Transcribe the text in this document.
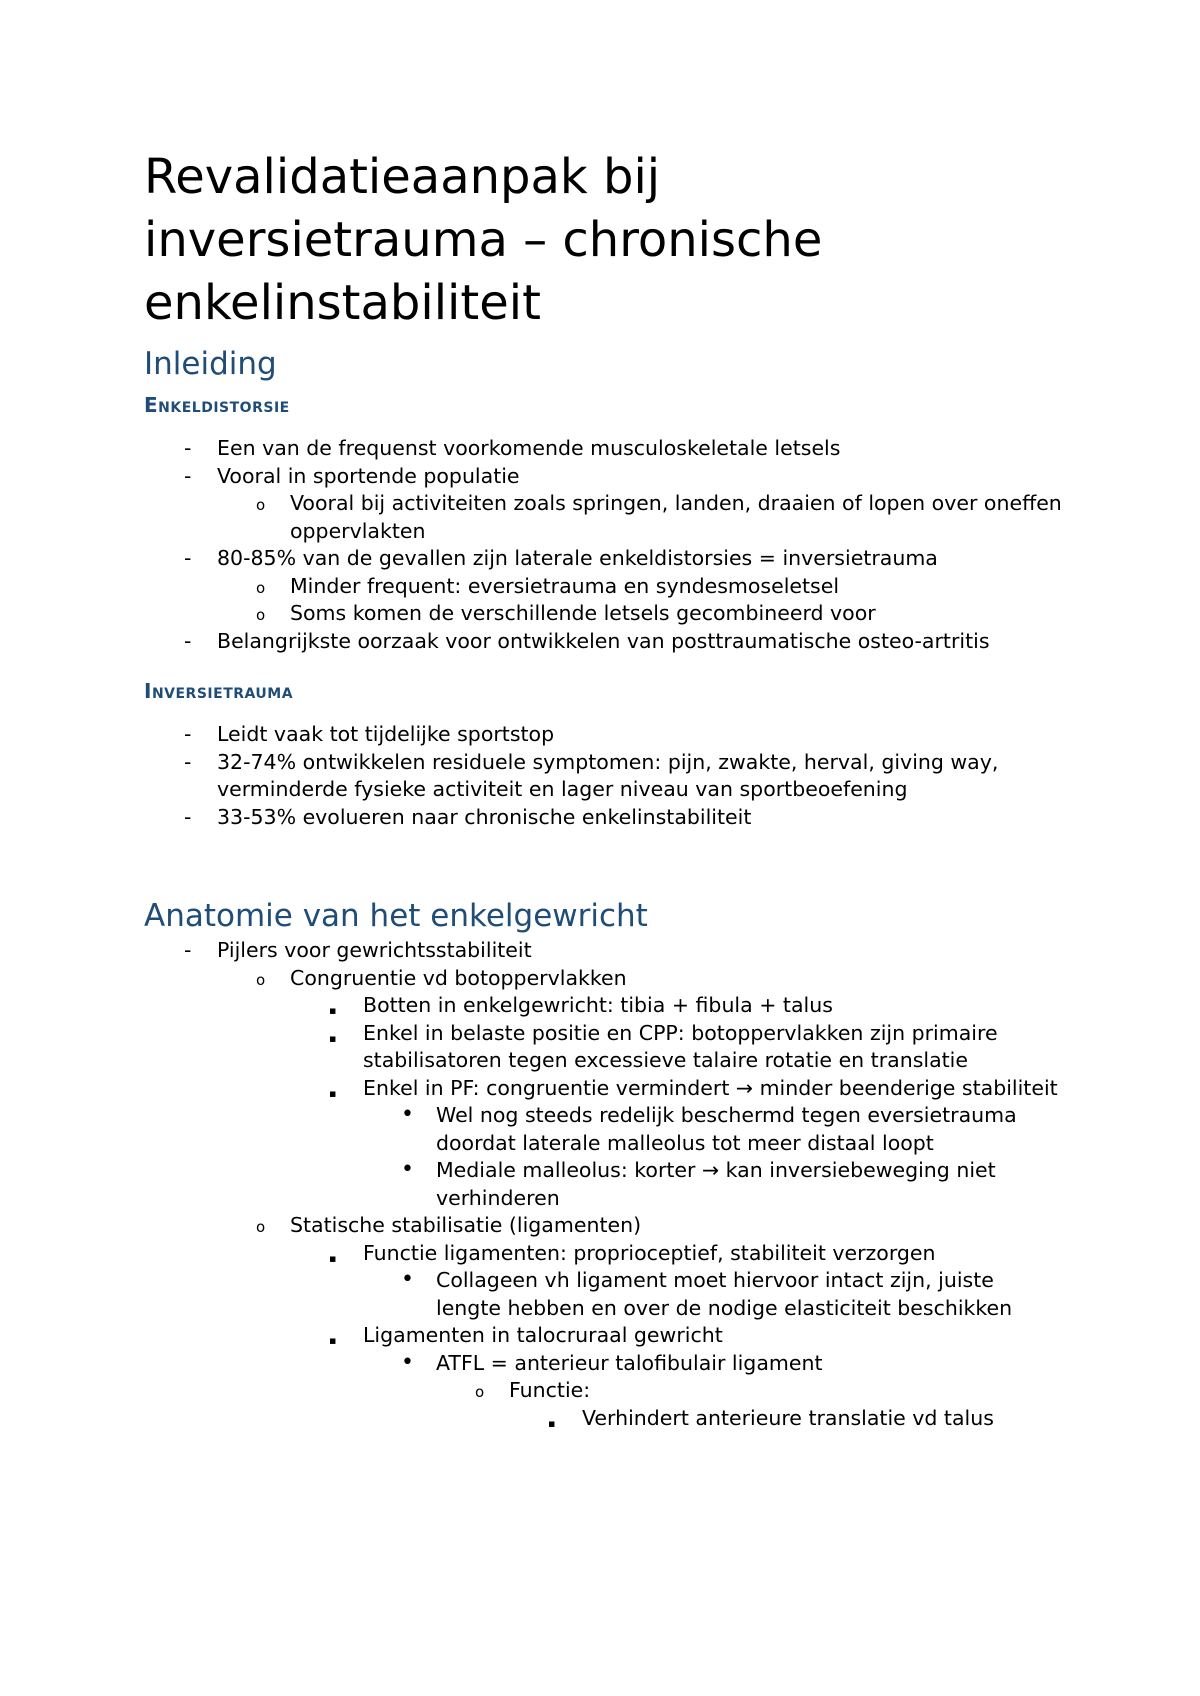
Revalidatieaanpak bij
inversietrauma – chronische
enkelinstabiliteit
Inleiding
Enkeldistorsie
- Een van de frequenst voorkomende musculoskeletale letsels
- Vooral in sportende populatie
o Vooral bij activiteiten zoals springen, landen, draaien of lopen over oneffen oppervlakten
- 80-85% van de gevallen zijn laterale enkeldistorsies = inversietrauma
o Minder frequent: eversietrauma en syndesmoseletsel
o Soms komen de verschillende letsels gecombineerd voor
- Belangrijkste oorzaak voor ontwikkelen van posttraumatische osteo-artritis
Inversietrauma
- Leidt vaak tot tijdelijke sportstop
- 32-74% ontwikkelen residuele symptomen: pijn, zwakte, herval, giving way, verminderde fysieke activiteit en lager niveau van sportbeoefening
- 33-53% evolueren naar chronische enkelinstabiliteit
Anatomie van het enkelgewricht
- Pijlers voor gewrichtsstabiliteit
o Congruentie vd botoppervlakken
▪ Botten in enkelgewricht: tibia + fibula + talus
▪ Enkel in belaste positie en CPP: botoppervlakken zijn primaire stabilisatoren tegen excessieve talaire rotatie en translatie
▪ Enkel in PF: congruentie vermindert → minder beenderige stabiliteit
• Wel nog steeds redelijk beschermd tegen eversietrauma doordat laterale malleolus tot meer distaal loopt
• Mediale malleolus: korter → kan inversiebeweging niet verhinderen
o Statische stabilisatie (ligamenten)
▪ Functie ligamenten: proprioceptief, stabiliteit verzorgen
• Collageen vh ligament moet hiervoor intact zijn, juiste lengte hebben en over de nodige elasticiteit beschikken
▪ Ligamenten in talocruraal gewricht
• ATFL = anterieur talofibulair ligament
o Functie:
▪ Verhindert anterieure translatie vd talus
